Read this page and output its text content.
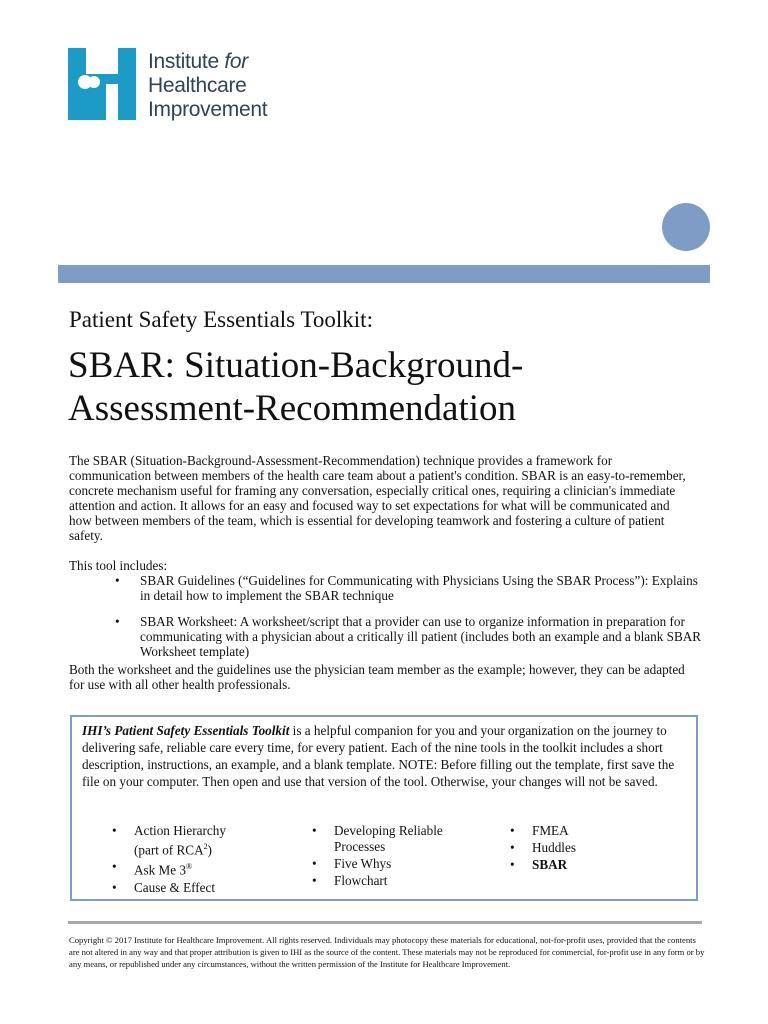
Institute for
Healthcare
Improvement
Patient Safety Essentials Toolkit:
SBAR: Situation-Background-Assessment-Recommendation
The SBAR (Situation-Background-Assessment-Recommendation) technique provides a framework for communication between members of the health care team about a patient's condition. SBAR is an easy-to-remember, concrete mechanism useful for framing any conversation, especially critical ones, requiring a clinician's immediate attention and action. It allows for an easy and focused way to set expectations for what will be communicated and how between members of the team, which is essential for developing teamwork and fostering a culture of patient safety.
This tool includes:
• SBAR Guidelines (“Guidelines for Communicating with Physicians Using the SBAR Process”): Explains in detail how to implement the SBAR technique
• SBAR Worksheet: A worksheet/script that a provider can use to organize information in preparation for communicating with a physician about a critically ill patient (includes both an example and a blank SBAR Worksheet template)
Both the worksheet and the guidelines use the physician team member as the example; however, they can be adapted for use with all other health professionals.
IHI’s Patient Safety Essentials Toolkit is a helpful companion for you and your organization on the journey to delivering safe, reliable care every time, for every patient. Each of the nine tools in the toolkit includes a short description, instructions, an example, and a blank template. NOTE: Before filling out the template, first save the file on your computer. Then open and use that version of the tool. Otherwise, your changes will not be saved.
• Action Hierarchy
(part of RCA$^2$)
• Ask Me 3®
• Cause & Effect
• Developing Reliable Processes
• Five Whys
• Flowchart
• FMEA
• Huddles
• SBAR
Copyright © 2017 Institute for Healthcare Improvement. All rights reserved. Individuals may photocopy these materials for educational, not-for-profit uses, provided that the contents are not altered in any way and that proper attribution is given to IHI as the source of the content. These materials may not be reproduced for commercial, for-profit use in any form or by any means, or republished under any circumstances, without the written permission of the Institute for Healthcare Improvement.
